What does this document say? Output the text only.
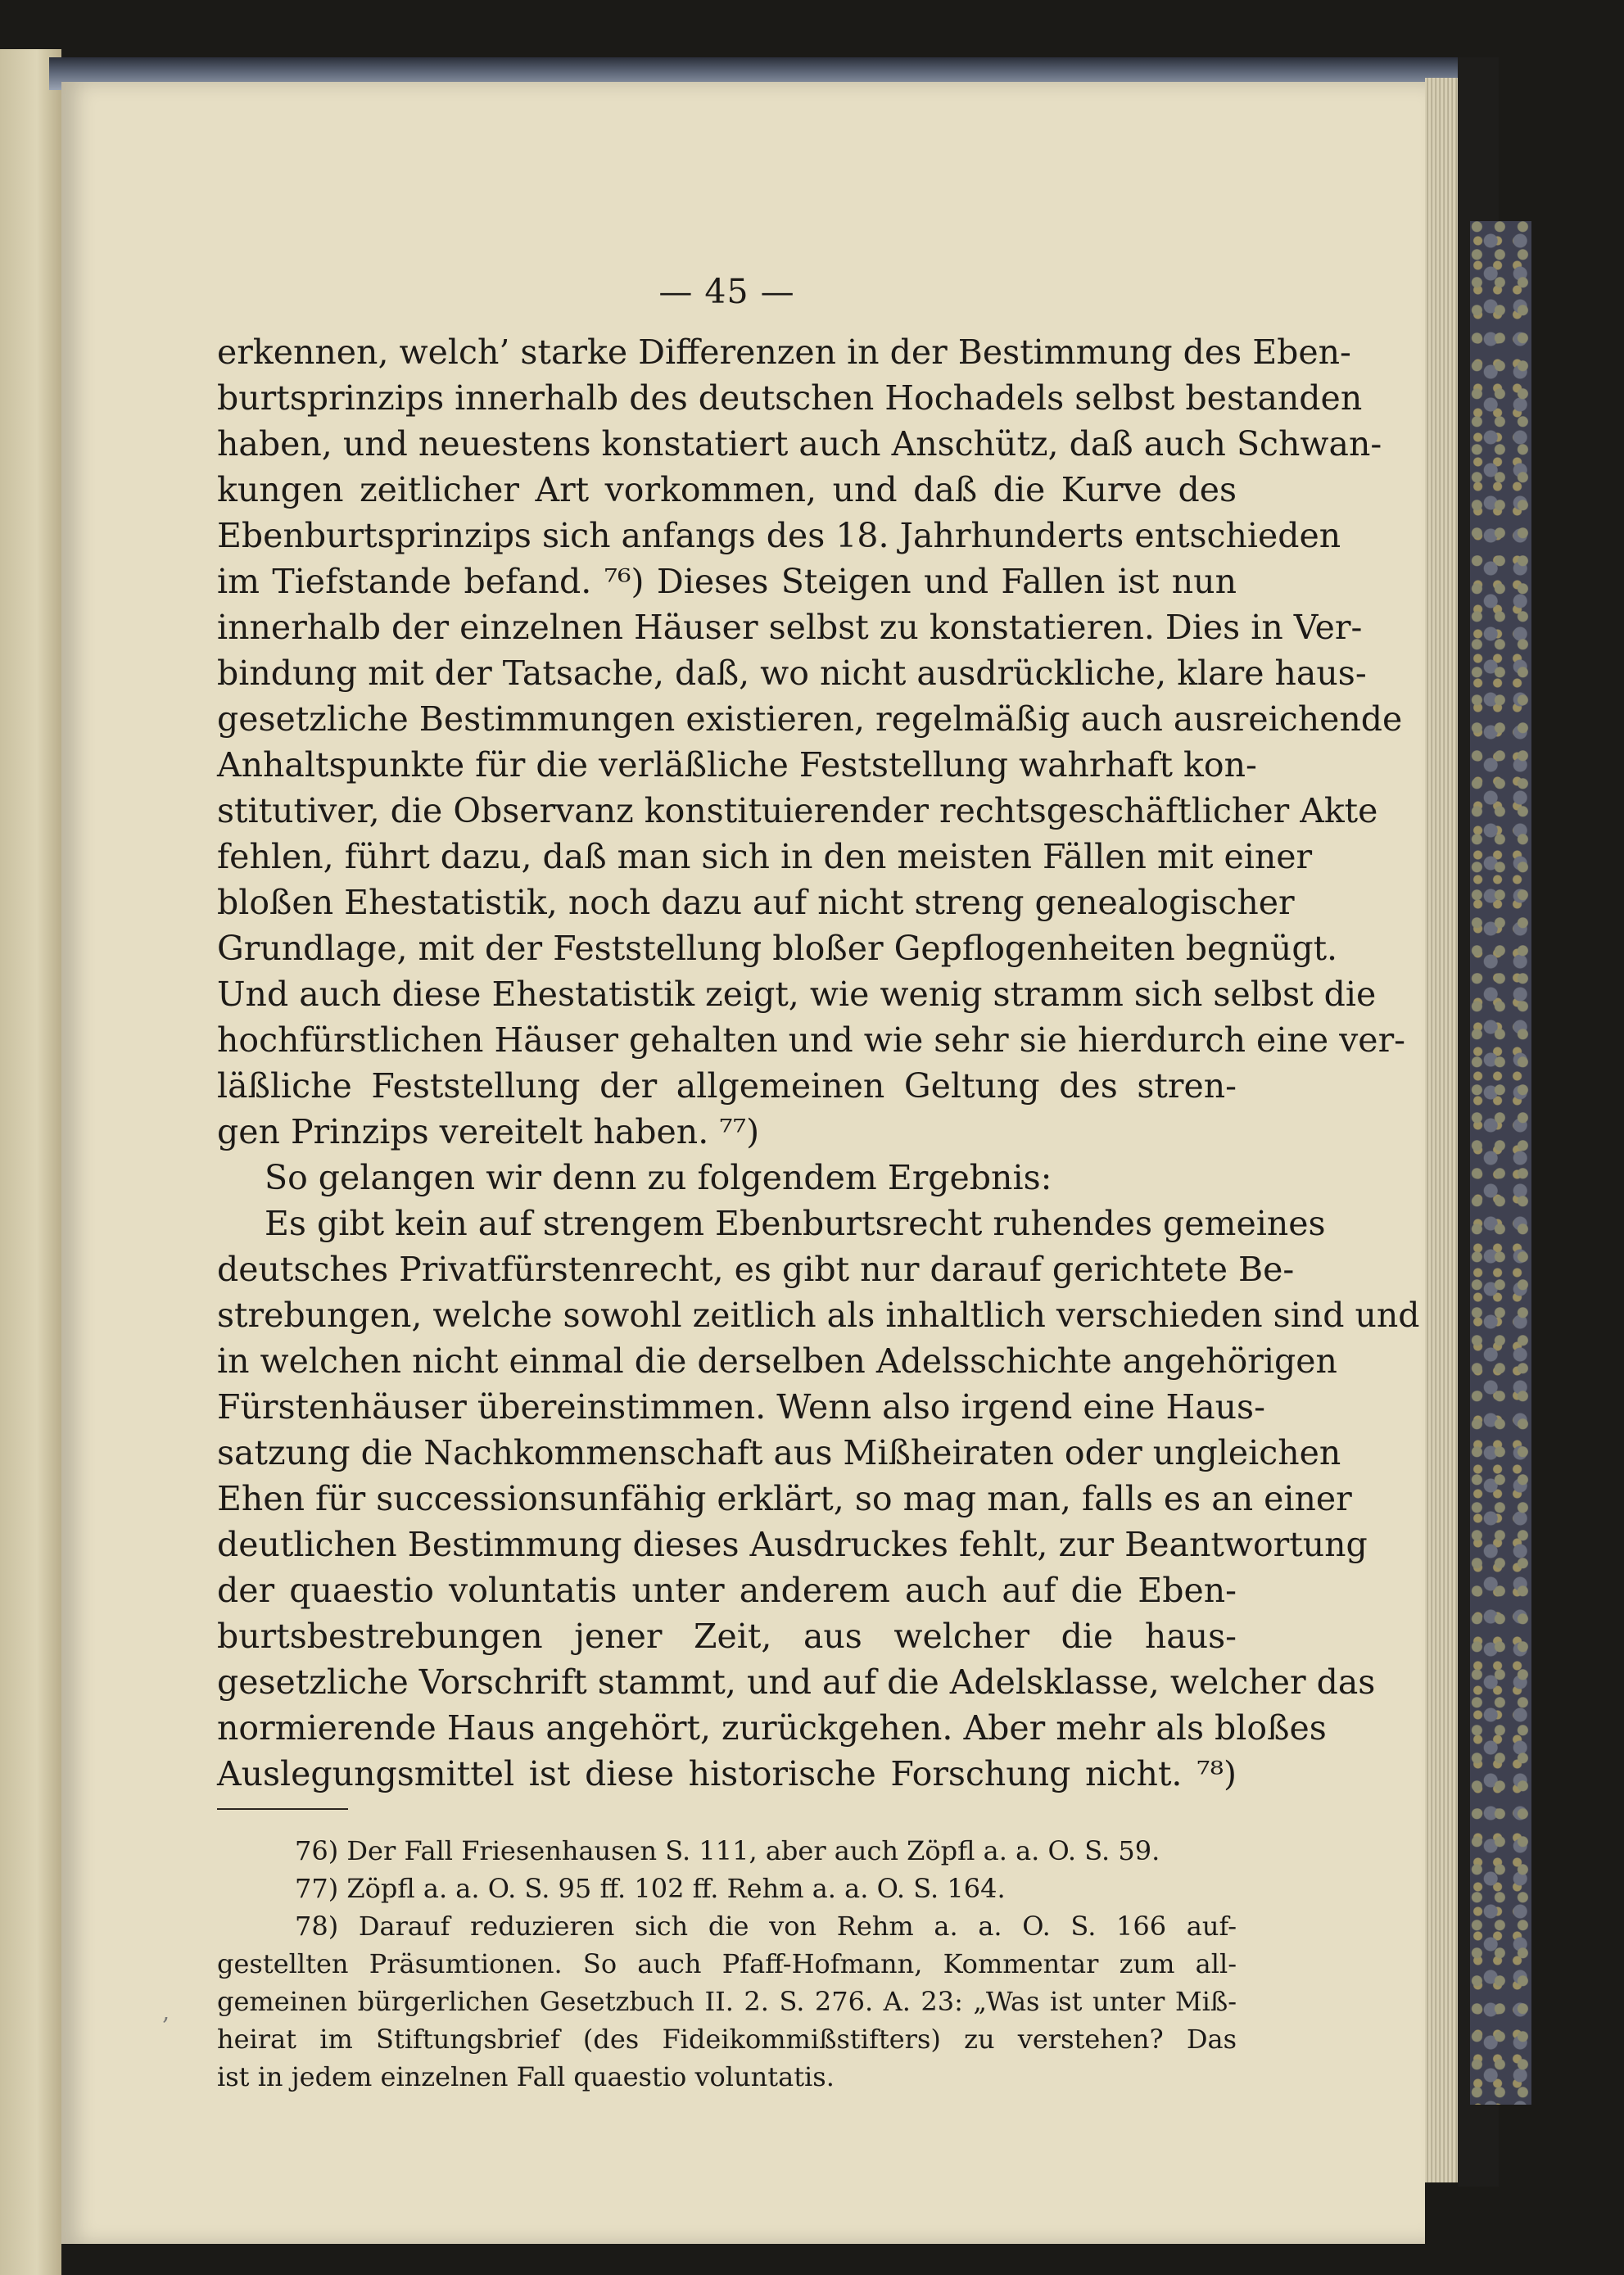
— 45 —
erkennen, welch’ starke Differenzen in der Bestimmung des Eben-
burtsprinzips innerhalb des deutschen Hochadels selbst bestanden
haben, und neuestens konstatiert auch Anschütz, daß auch Schwan-
kungen zeitlicher Art vorkommen, und daß die Kurve des
Ebenburtsprinzips sich anfangs des 18. Jahrhunderts entschieden
im Tiefstande befand. ⁷⁶) Dieses Steigen und Fallen ist nun
innerhalb der einzelnen Häuser selbst zu konstatieren. Dies in Ver-
bindung mit der Tatsache, daß, wo nicht ausdrückliche, klare haus-
gesetzliche Bestimmungen existieren, regelmäßig auch ausreichende
Anhaltspunkte für die verläßliche Feststellung wahrhaft kon-
stitutiver, die Observanz konstituierender rechtsgeschäftlicher Akte
fehlen, führt dazu, daß man sich in den meisten Fällen mit einer
bloßen Ehestatistik, noch dazu auf nicht streng genealogischer
Grundlage, mit der Feststellung bloßer Gepflogenheiten begnügt.
Und auch diese Ehestatistik zeigt, wie wenig stramm sich selbst die
hochfürstlichen Häuser gehalten und wie sehr sie hierdurch eine ver-
läßliche Feststellung der allgemeinen Geltung des stren-
gen Prinzips vereitelt haben. ⁷⁷)
So gelangen wir denn zu folgendem Ergebnis:
Es gibt kein auf strengem Ebenburtsrecht ruhendes gemeines
deutsches Privatfürstenrecht, es gibt nur darauf gerichtete Be-
strebungen, welche sowohl zeitlich als inhaltlich verschieden sind und
in welchen nicht einmal die derselben Adelsschichte angehörigen
Fürstenhäuser übereinstimmen. Wenn also irgend eine Haus-
satzung die Nachkommenschaft aus Mißheiraten oder ungleichen
Ehen für successionsunfähig erklärt, so mag man, falls es an einer
deutlichen Bestimmung dieses Ausdruckes fehlt, zur Beantwortung
der quaestio voluntatis unter anderem auch auf die Eben-
burtsbestrebungen jener Zeit, aus welcher die haus-
gesetzliche Vorschrift stammt, und auf die Adelsklasse, welcher das
normierende Haus angehört, zurückgehen. Aber mehr als bloßes
Auslegungsmittel ist diese historische Forschung nicht. ⁷⁸)
76) Der Fall Friesenhausen S. 111, aber auch Zöpfl a. a. O. S. 59.
77) Zöpfl a. a. O. S. 95 ff. 102 ff. Rehm a. a. O. S. 164.
78) Darauf reduzieren sich die von Rehm a. a. O. S. 166 auf-
gestellten Präsumtionen. So auch Pfaff-Hofmann, Kommentar zum all-
gemeinen bürgerlichen Gesetzbuch II. 2. S. 276. A. 23: „Was ist unter Miß-
heirat im Stiftungsbrief (des Fideikommißstifters) zu verstehen? Das
ist in jedem einzelnen Fall quaestio voluntatis.
‚
